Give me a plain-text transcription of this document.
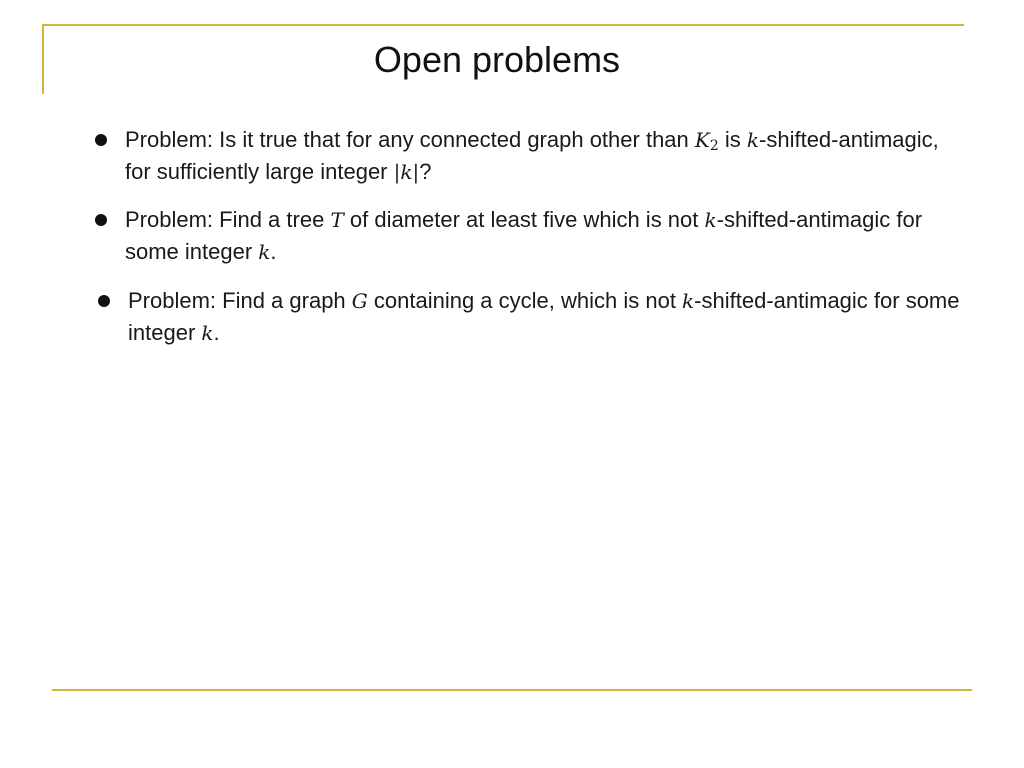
Open problems
Problem: Is it true that for any connected graph other than $K_2$ is k-shifted-antimagic, for sufficiently large integer |k|?
Problem: Find a tree T of diameter at least five which is not k-shifted-antimagic for some integer k.
Problem: Find a graph G containing a cycle, which is not k-shifted-antimagic for some integer k.
